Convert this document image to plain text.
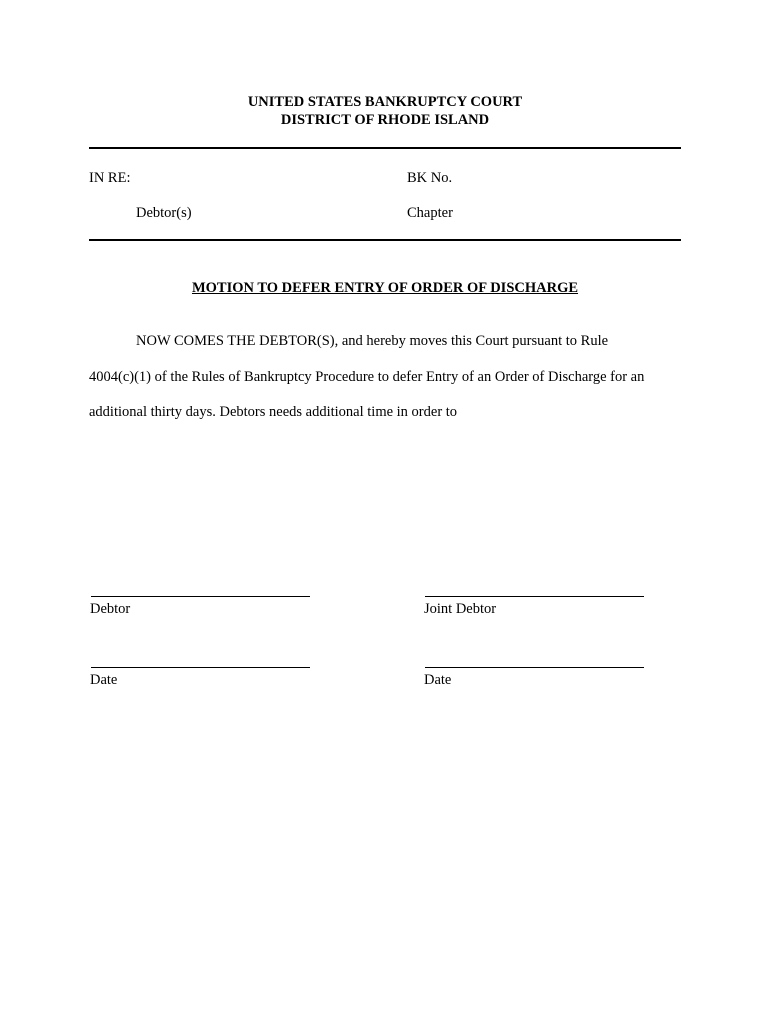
UNITED STATES BANKRUPTCY COURT
DISTRICT OF RHODE ISLAND
IN RE:	BK No.
Debtor(s)	Chapter
MOTION TO DEFER ENTRY OF ORDER OF DISCHARGE
NOW COMES THE DEBTOR(S), and hereby moves this Court pursuant to Rule
4004(c)(1) of the Rules of Bankruptcy Procedure to defer Entry of an Order of Discharge for an
additional thirty days. Debtors needs additional time in order to
Debtor	Joint Debtor
Date	Date
